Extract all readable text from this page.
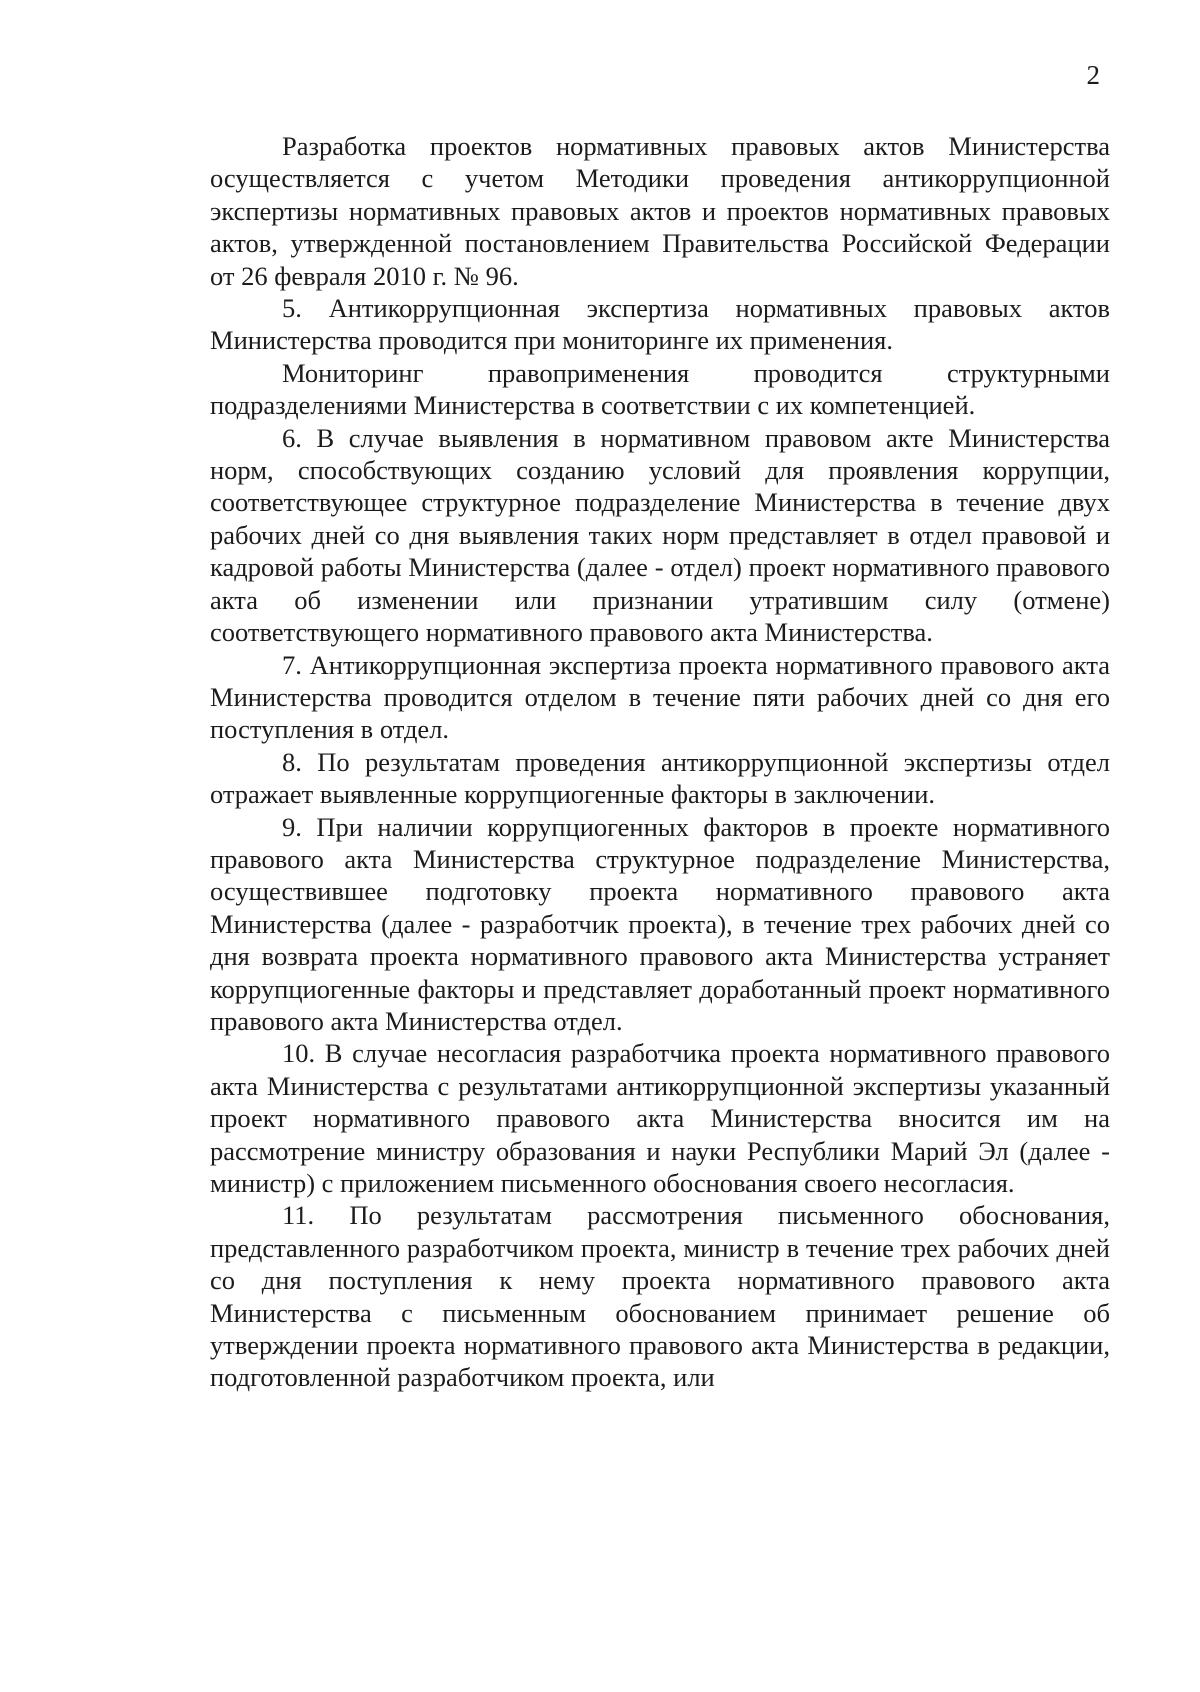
2

Разработка проектов нормативных правовых актов Министерства осуществляется с учетом Методики проведения антикоррупционной экспертизы нормативных правовых актов и проектов нормативных правовых актов, утвержденной постановлением Правительства Российской Федерации от 26 февраля 2010 г. № 96.

5. Антикоррупционная экспертиза нормативных правовых актов Министерства проводится при мониторинге их применения.

Мониторинг правоприменения проводится структурными подразделениями Министерства в соответствии с их компетенцией.

6. В случае выявления в нормативном правовом акте Министерства норм, способствующих созданию условий для проявления коррупции, соответствующее структурное подразделение Министерства в течение двух рабочих дней со дня выявления таких норм представляет в отдел правовой и кадровой работы Министерства (далее - отдел) проект нормативного правового акта об изменении или признании утратившим силу (отмене) соответствующего нормативного правового акта Министерства.

7. Антикоррупционная экспертиза проекта нормативного правового акта Министерства проводится отделом в течение пяти рабочих дней со дня его поступления в отдел.

8. По результатам проведения антикоррупционной экспертизы отдел отражает выявленные коррупциогенные факторы в заключении.

9. При наличии коррупциогенных факторов в проекте нормативного правового акта Министерства структурное подразделение Министерства, осуществившее подготовку проекта нормативного правового акта Министерства (далее - разработчик проекта), в течение трех рабочих дней со дня возврата проекта нормативного правового акта Министерства устраняет коррупциогенные факторы и представляет доработанный проект нормативного правового акта Министерства отдел.

10. В случае несогласия разработчика проекта нормативного правового акта Министерства с результатами антикоррупционной экспертизы указанный проект нормативного правового акта Министерства вносится им на рассмотрение министру образования и науки Республики Марий Эл (далее - министр) с приложением письменного обоснования своего несогласия.

11. По результатам рассмотрения письменного обоснования, представленного разработчиком проекта, министр в течение трех рабочих дней со дня поступления к нему проекта нормативного правового акта Министерства с письменным обоснованием принимает решение об утверждении проекта нормативного правового акта Министерства в редакции, подготовленной разработчиком проекта, или
